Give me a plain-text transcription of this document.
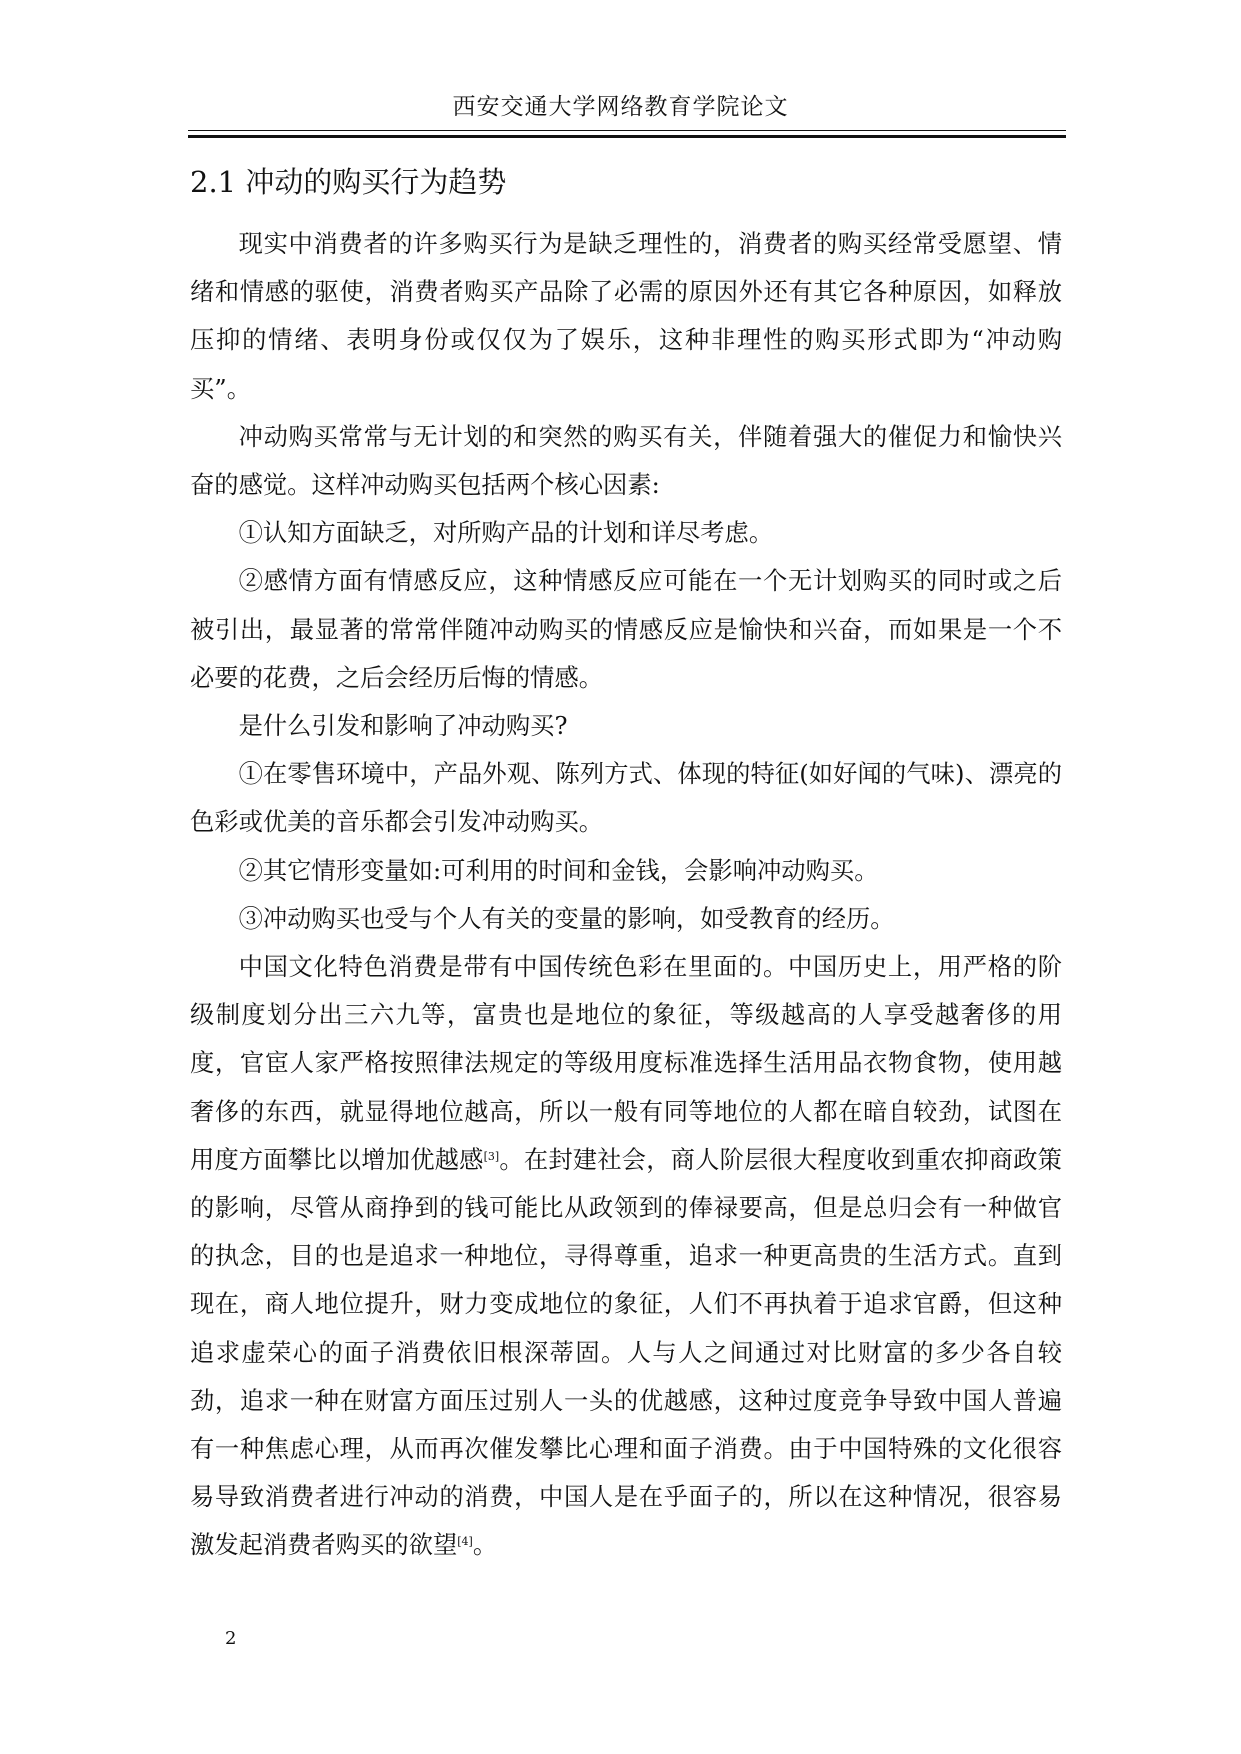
西安交通大学网络教育学院论文
2.1 冲动的购买行为趋势

现实中消费者的许多购买行为是缺乏理性的，消费者的购买经常受愿望、情绪和情感的驱使，消费者购买产品除了必需的原因外还有其它各种原因，如释放压抑的情绪、表明身份或仅仅为了娱乐，这种非理性的购买形式即为“冲动购买”。

冲动购买常常与无计划的和突然的购买有关，伴随着强大的催促力和愉快兴奋的感觉。这样冲动购买包括两个核心因素:

①认知方面缺乏，对所购产品的计划和详尽考虑。

②感情方面有情感反应，这种情感反应可能在一个无计划购买的同时或之后被引出，最显著的常常伴随冲动购买的情感反应是愉快和兴奋，而如果是一个不必要的花费，之后会经历后悔的情感。

是什么引发和影响了冲动购买?

①在零售环境中，产品外观、陈列方式、体现的特征(如好闻的气味)、漂亮的色彩或优美的音乐都会引发冲动购买。

②其它情形变量如:可利用的时间和金钱，会影响冲动购买。

③冲动购买也受与个人有关的变量的影响，如受教育的经历。

中国文化特色消费是带有中国传统色彩在里面的。中国历史上，用严格的阶级制度划分出三六九等，富贵也是地位的象征，等级越高的人享受越奢侈的用度，官宦人家严格按照律法规定的等级用度标准选择生活用品衣物食物，使用越奢侈的东西，就显得地位越高，所以一般有同等地位的人都在暗自较劲，试图在用度方面攀比以增加优越感[3]。在封建社会，商人阶层很大程度收到重农抑商政策的影响，尽管从商挣到的钱可能比从政领到的俸禄要高，但是总归会有一种做官的执念，目的也是追求一种地位，寻得尊重，追求一种更高贵的生活方式。直到现在，商人地位提升，财力变成地位的象征，人们不再执着于追求官爵，但这种追求虚荣心的面子消费依旧根深蒂固。人与人之间通过对比财富的多少各自较劲，追求一种在财富方面压过别人一头的优越感，这种过度竞争导致中国人普遍有一种焦虑心理，从而再次催发攀比心理和面子消费。由于中国特殊的文化很容易导致消费者进行冲动的消费，中国人是在乎面子的，所以在这种情况，很容易激发起消费者购买的欲望[4]。

2
